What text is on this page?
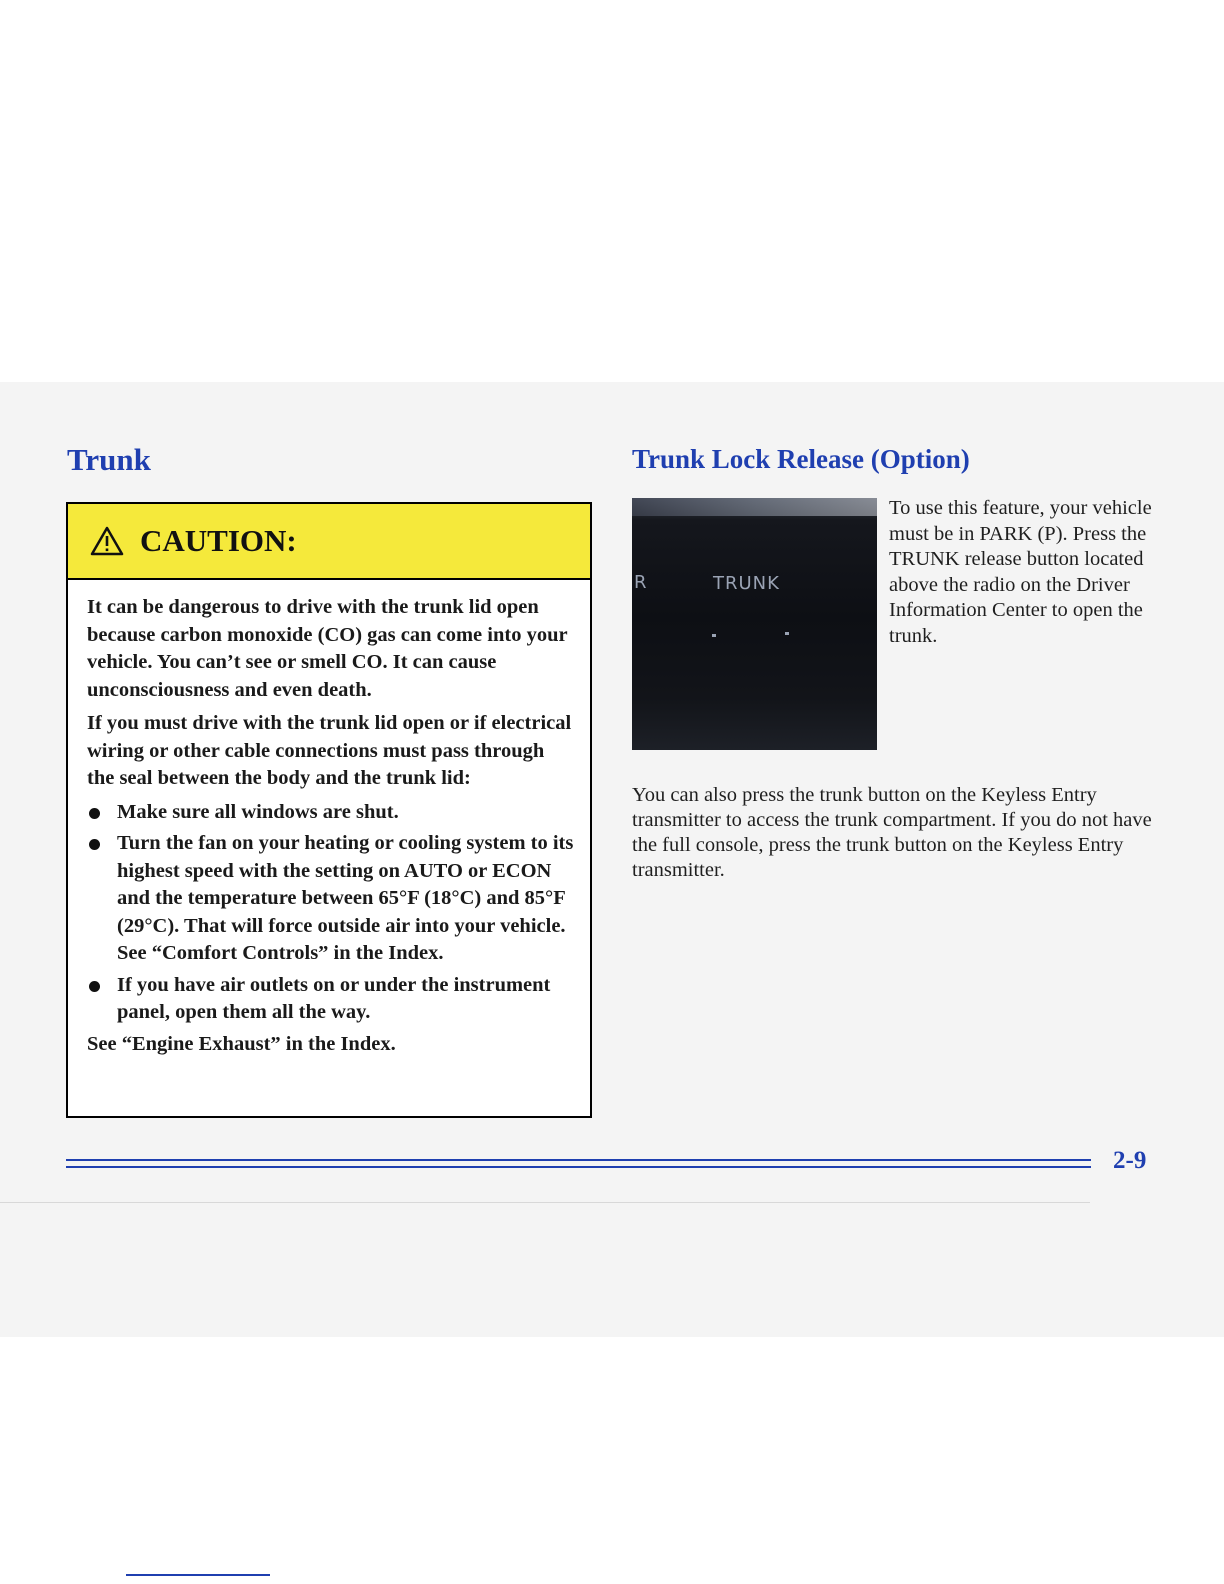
Trunk
CAUTION:

It can be dangerous to drive with the trunk lid open because carbon monoxide (CO) gas can come into your vehicle. You can’t see or smell CO. It can cause unconsciousness and even death.

If you must drive with the trunk lid open or if electrical wiring or other cable connections must pass through the seal between the body and the trunk lid:

Make sure all windows are shut.
Turn the fan on your heating or cooling system to its highest speed with the setting on AUTO or ECON and the temperature between 65°F (18°C) and 85°F (29°C). That will force outside air into your vehicle. See “Comfort Controls” in the Index.
If you have air outlets on or under the instrument panel, open them all the way.

See “Engine Exhaust” in the Index.

Trunk Lock Release (Option)
R	TRUNK

To use this feature, your vehicle must be in PARK (P). Press the TRUNK release button located above the radio on the Driver Information Center to open the trunk.

You can also press the trunk button on the Keyless Entry transmitter to access the trunk compartment. If you do not have the full console, press the trunk button on the Keyless Entry transmitter.

2-9
